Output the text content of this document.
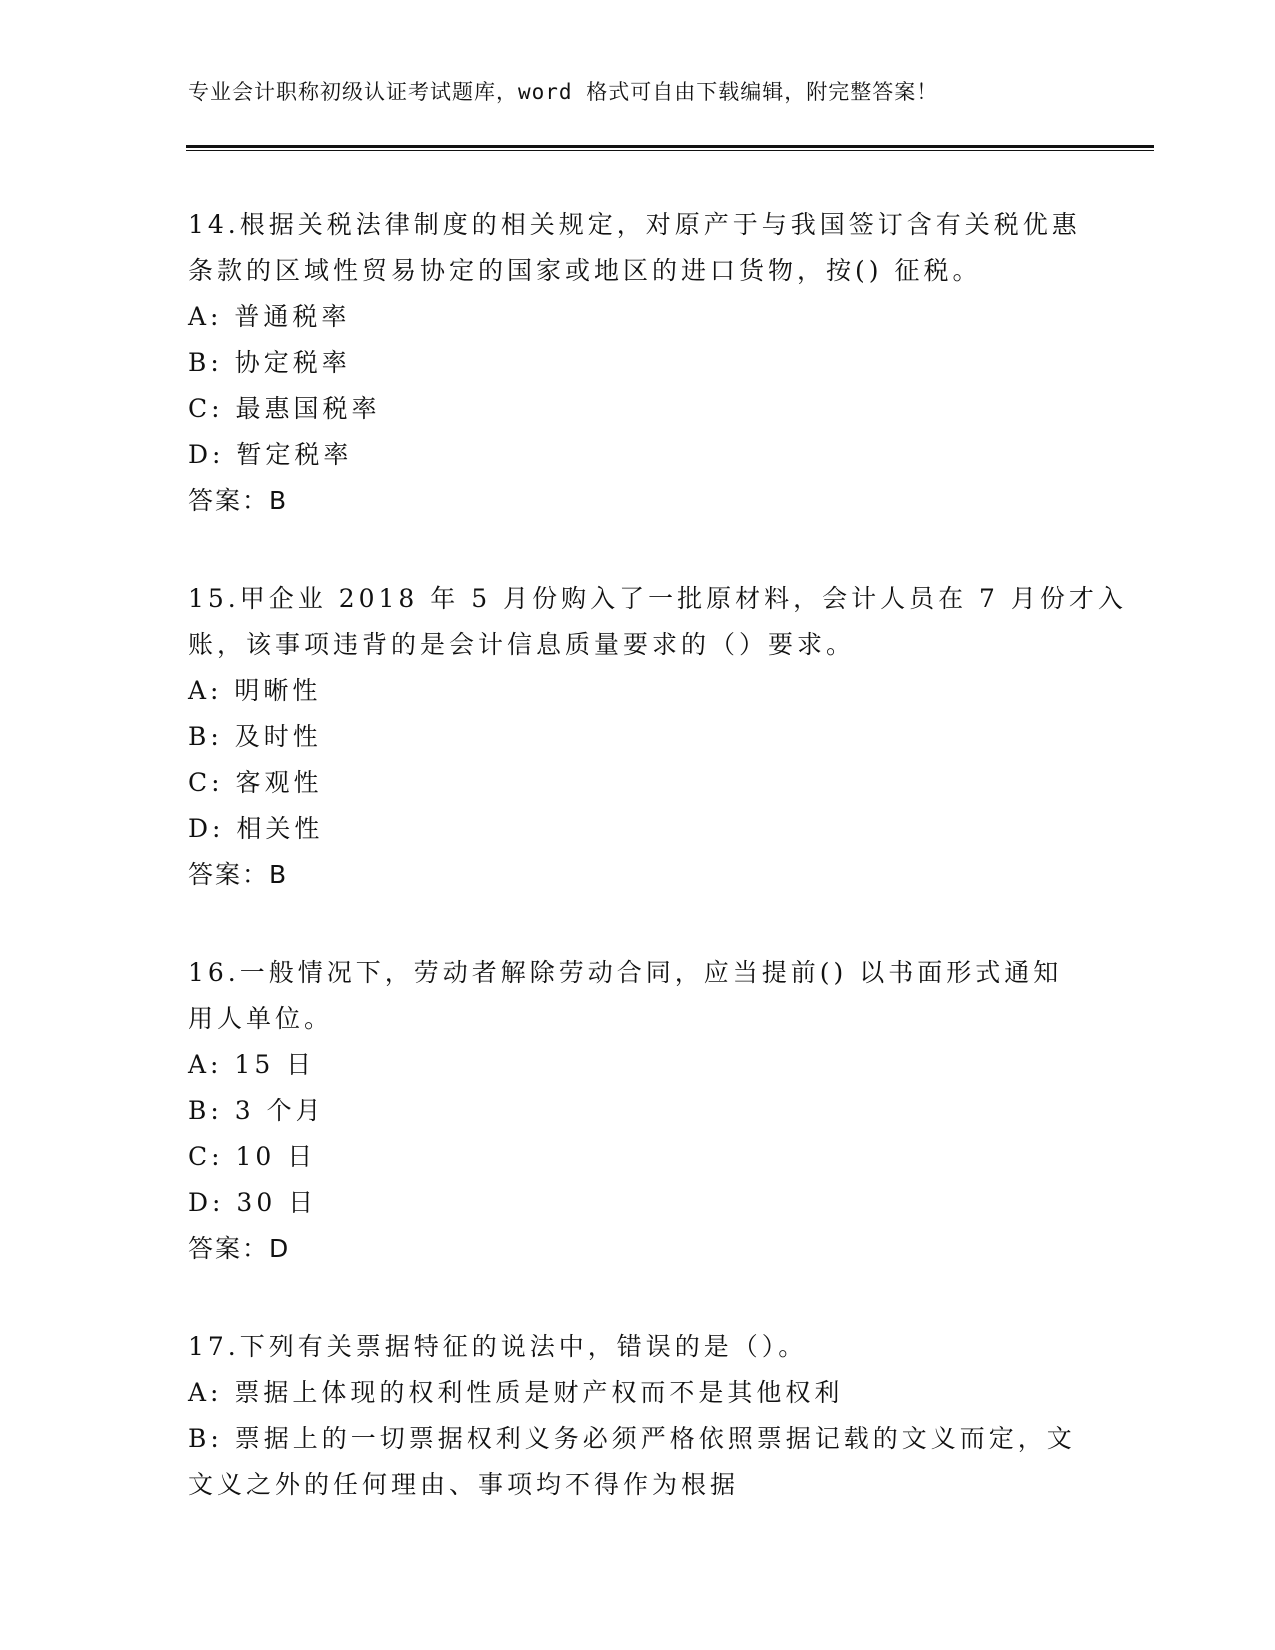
专业会计职称初级认证考试题库，word 格式可自由下载编辑，附完整答案！
14.根据关税法律制度的相关规定，对原产于与我国签订含有关税优惠
条款的区域性贸易协定的国家或地区的进口货物，按() 征税。
A: 普通税率
B: 协定税率
C: 最惠国税率
D: 暂定税率
答案：B
15.甲企业 2018 年 5 月份购入了一批原材料，会计人员在 7 月份才入
账，该事项违背的是会计信息质量要求的（）要求。
A: 明晰性
B: 及时性
C: 客观性
D: 相关性
答案：B
16.一般情况下，劳动者解除劳动合同，应当提前() 以书面形式通知
用人单位。
A: 15 日
B: 3 个月
C: 10 日
D: 30 日
答案：D
17.下列有关票据特征的说法中，错误的是（）。
A: 票据上体现的权利性质是财产权而不是其他权利
B: 票据上的一切票据权利义务必须严格依照票据记载的文义而定，文
文义之外的任何理由、事项均不得作为根据
